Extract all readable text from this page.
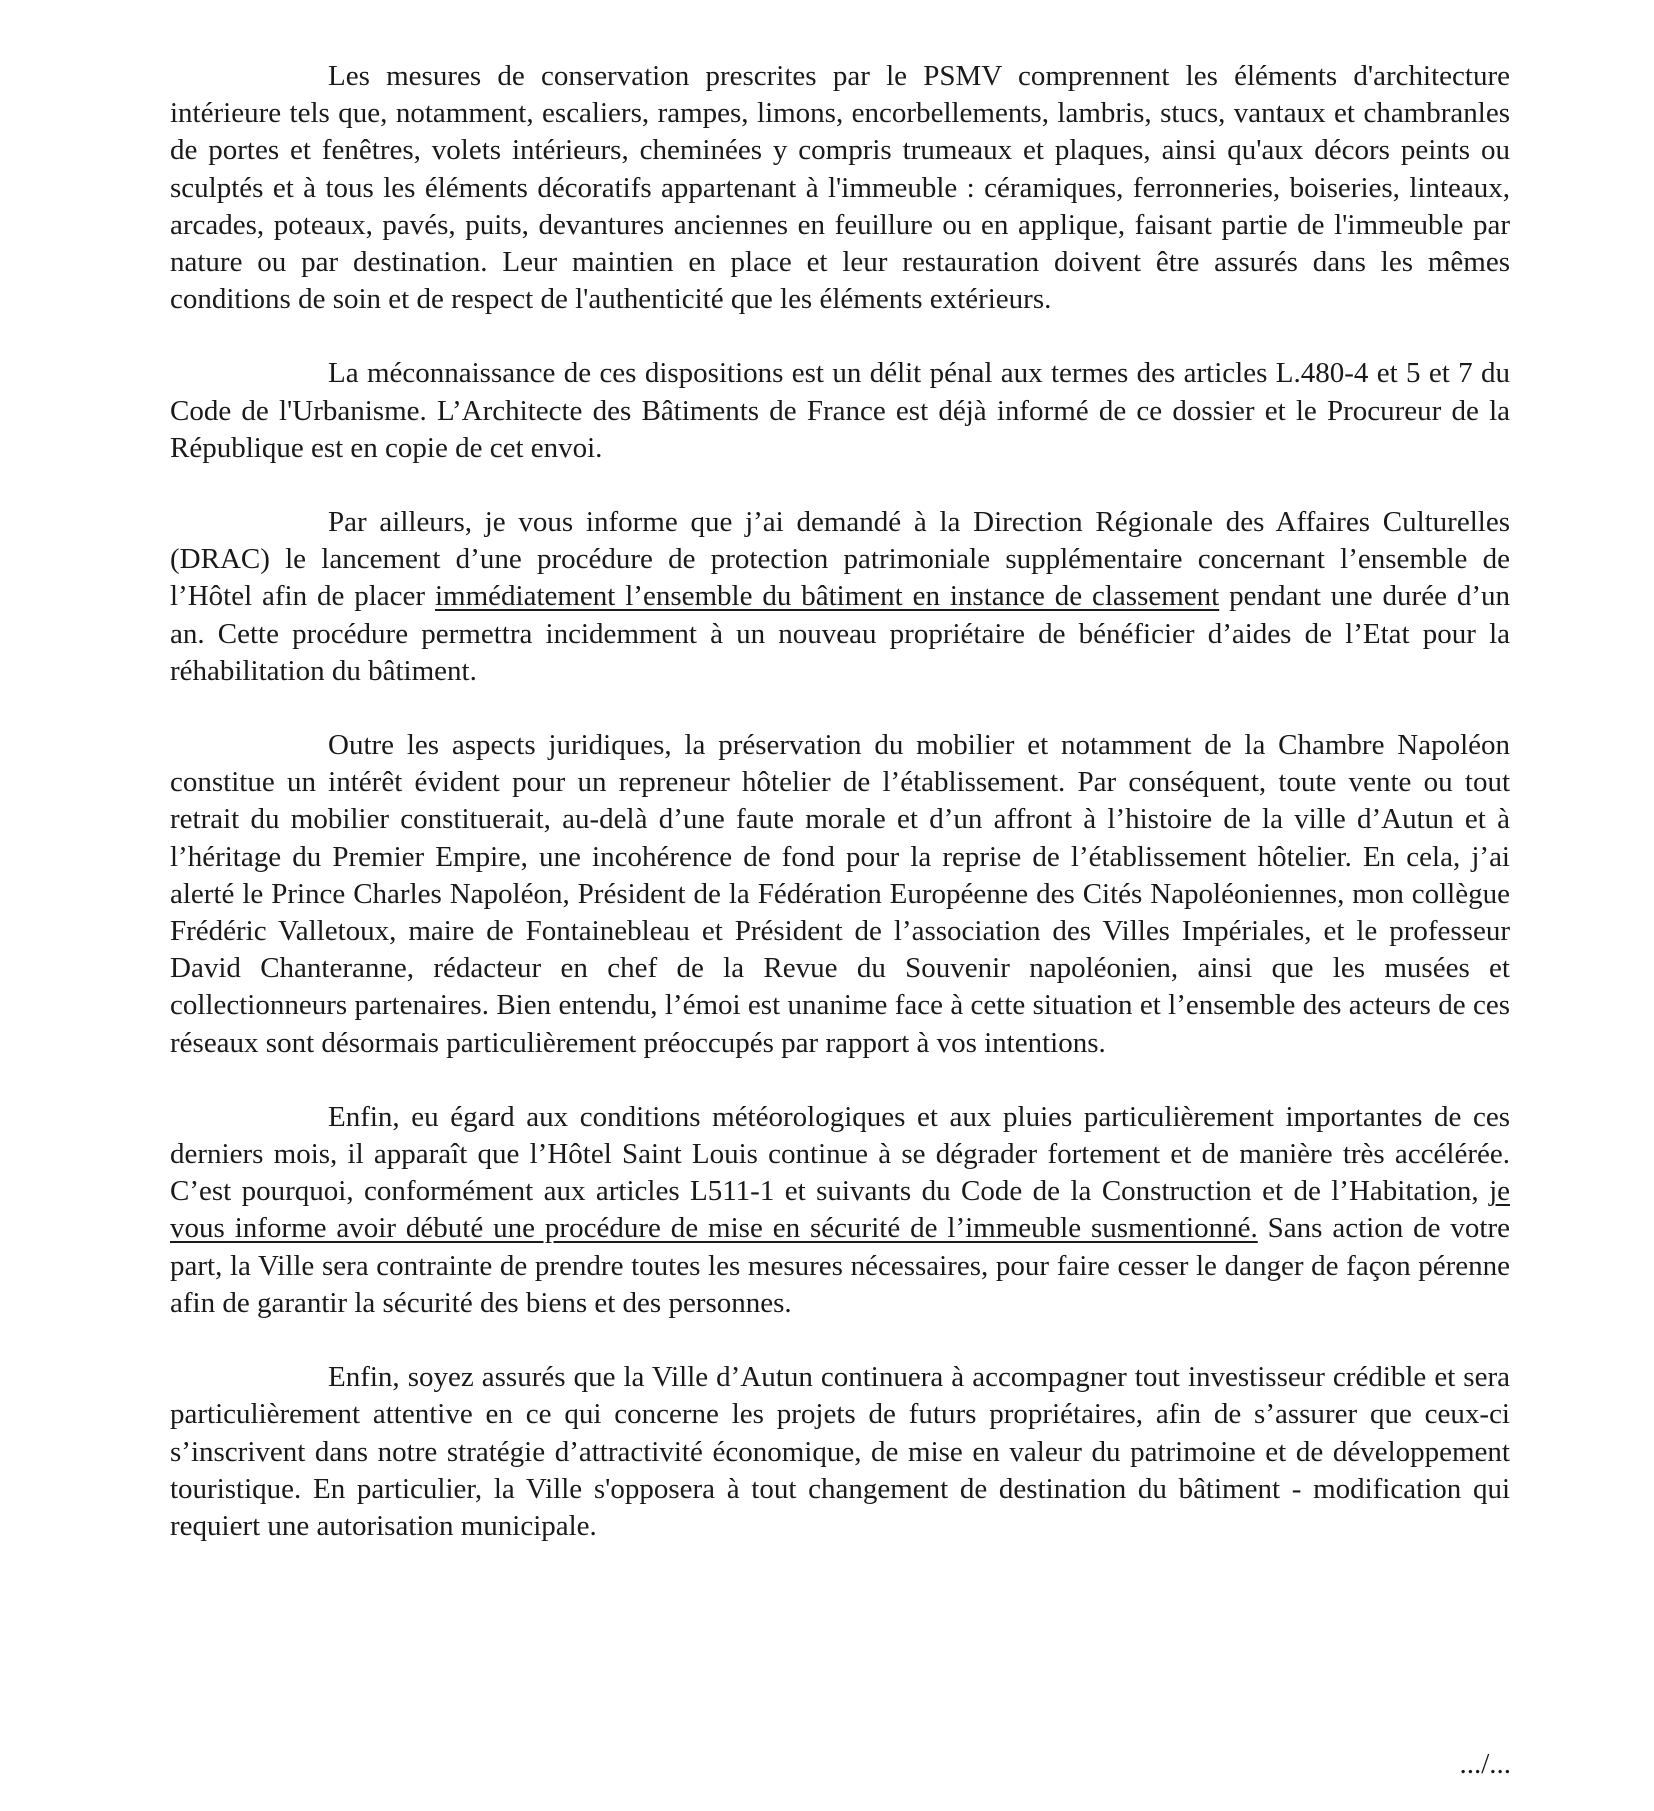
Les mesures de conservation prescrites par le PSMV comprennent les éléments d'architecture intérieure tels que, notamment, escaliers, rampes, limons, encorbellements, lambris, stucs, vantaux et chambranles de portes et fenêtres, volets intérieurs, cheminées y compris trumeaux et plaques, ainsi qu'aux décors peints ou sculptés et à tous les éléments décoratifs appartenant à l'immeuble : céramiques, ferronneries, boiseries, linteaux, arcades, poteaux, pavés, puits, devantures anciennes en feuillure ou en applique, faisant partie de l'immeuble par nature ou par destination. Leur maintien en place et leur restauration doivent être assurés dans les mêmes conditions de soin et de respect de l'authenticité que les éléments extérieurs.

La méconnaissance de ces dispositions est un délit pénal aux termes des articles L.480-4 et 5 et 7 du Code de l'Urbanisme. L’Architecte des Bâtiments de France est déjà informé de ce dossier et le Procureur de la République est en copie de cet envoi.

Par ailleurs, je vous informe que j’ai demandé à la Direction Régionale des Affaires Culturelles (DRAC) le lancement d’une procédure de protection patrimoniale supplémentaire concernant l’ensemble de l’Hôtel afin de placer immédiatement l’ensemble du bâtiment en instance de classement pendant une durée d’un an. Cette procédure permettra incidemment à un nouveau propriétaire de bénéficier d’aides de l’Etat pour la réhabilitation du bâtiment.

Outre les aspects juridiques, la préservation du mobilier et notamment de la Chambre Napoléon constitue un intérêt évident pour un repreneur hôtelier de l’établissement. Par conséquent, toute vente ou tout retrait du mobilier constituerait, au-delà d’une faute morale et d’un affront à l’histoire de la ville d’Autun et à l’héritage du Premier Empire, une incohérence de fond pour la reprise de l’établissement hôtelier. En cela, j’ai alerté le Prince Charles Napoléon, Président de la Fédération Européenne des Cités Napoléoniennes, mon collègue Frédéric Valletoux, maire de Fontainebleau et Président de l’association des Villes Impériales, et le professeur David Chanteranne, rédacteur en chef de la Revue du Souvenir napoléonien, ainsi que les musées et collectionneurs partenaires. Bien entendu, l’émoi est unanime face à cette situation et l’ensemble des acteurs de ces réseaux sont désormais particulièrement préoccupés par rapport à vos intentions.

Enfin, eu égard aux conditions météorologiques et aux pluies particulièrement importantes de ces derniers mois, il apparaît que l’Hôtel Saint Louis continue à se dégrader fortement et de manière très accélérée. C’est pourquoi, conformément aux articles L511-1 et suivants du Code de la Construction et de l’Habitation, je vous informe avoir débuté une procédure de mise en sécurité de l’immeuble susmentionné. Sans action de votre part, la Ville sera contrainte de prendre toutes les mesures nécessaires, pour faire cesser le danger de façon pérenne afin de garantir la sécurité des biens et des personnes.

Enfin, soyez assurés que la Ville d’Autun continuera à accompagner tout investisseur crédible et sera particulièrement attentive en ce qui concerne les projets de futurs propriétaires, afin de s’assurer que ceux-ci s’inscrivent dans notre stratégie d’attractivité économique, de mise en valeur du patrimoine et de développement touristique. En particulier, la Ville s'opposera à tout changement de destination du bâtiment - modification qui requiert une autorisation municipale.

.../...
